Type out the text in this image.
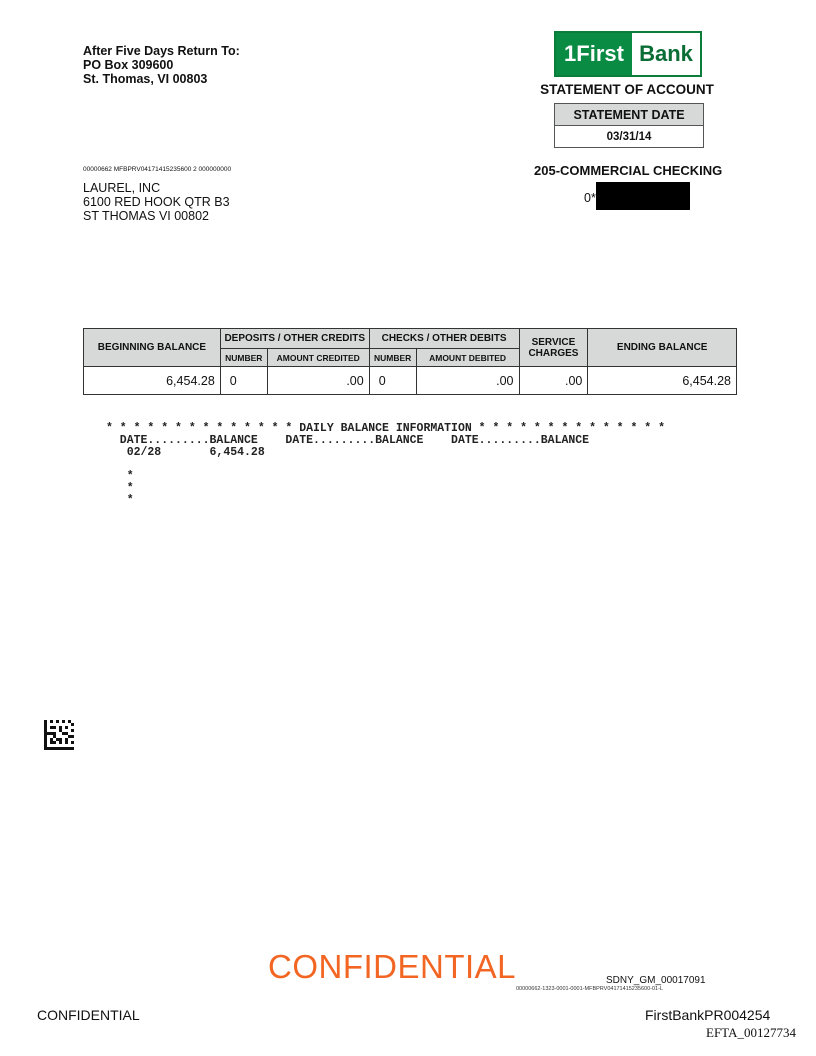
After Five Days Return To:
PO Box 309600
St. Thomas, VI 00803
1First Bank
STATEMENT OF ACCOUNT
STATEMENT DATE
03/31/14
205-COMMERCIAL CHECKING
0*
00000662 MFBPRV04171415235600 2 000000000
LAUREL, INC
6100 RED HOOK QTR B3
ST THOMAS VI 00802
BEGINNING BALANCE	DEPOSITS / OTHER CREDITS		CHECKS / OTHER DEBITS		SERVICE
CHARGES	ENDING BALANCE
	NUMBER	AMOUNT CREDITED	NUMBER	AMOUNT DEBITED		
6,454.28	0	.00	0	.00	.00	6,454.28
* * * * * * * * * * * * * * DAILY BALANCE INFORMATION * * * * * * * * * * * * * *
DATE.........BALANCE    DATE.........BALANCE    DATE.........BALANCE
02/28       6,454.28
*
*
*
CONFIDENTIAL	SDNY_GM_00017091
00000662-1323-0001-0001-MFBPRV04171415235600-01-L
CONFIDENTIAL	FirstBankPR004254
EFTA_00127734
